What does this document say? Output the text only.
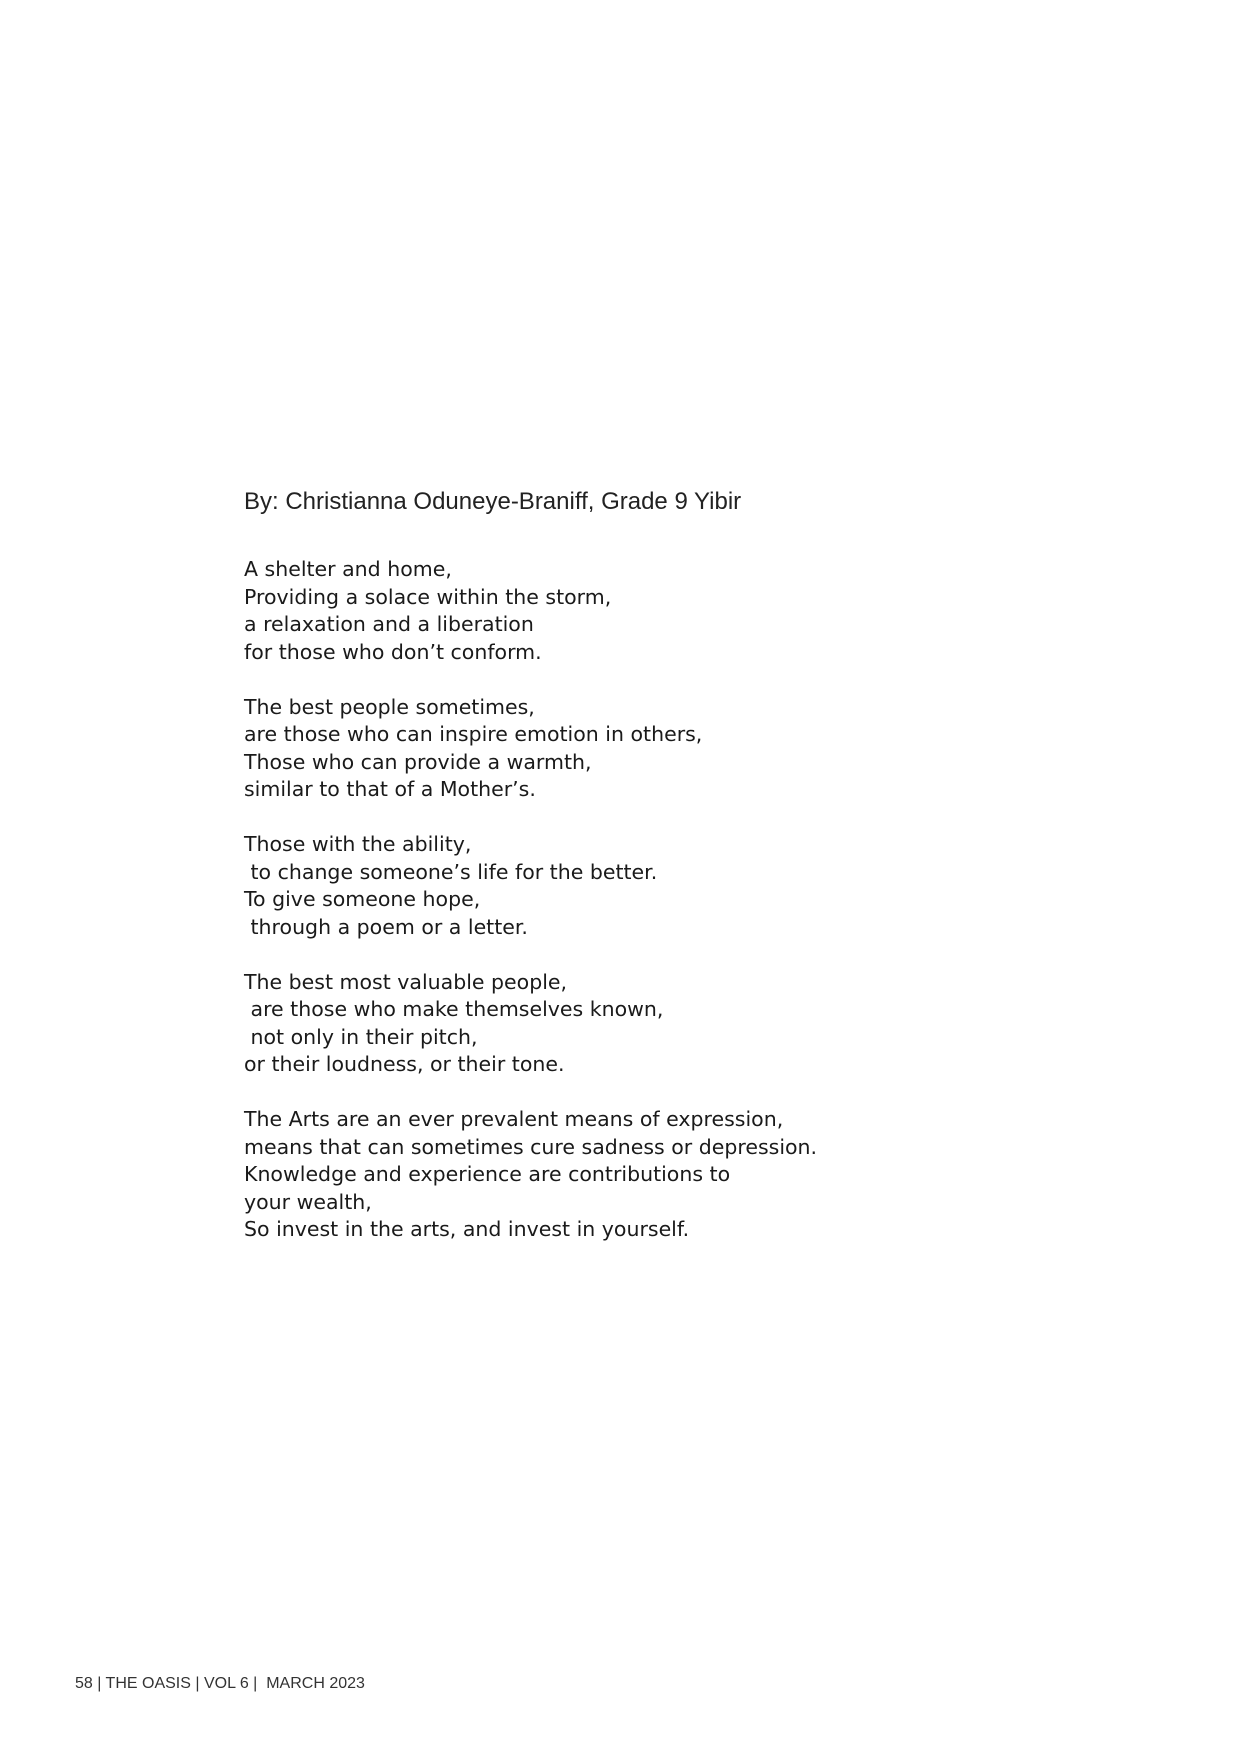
By: Christianna Oduneye-Braniff, Grade 9 Yibir
A shelter and home,
Providing a solace within the storm,
a relaxation and a liberation
for those who don’t conform.
The best people sometimes,
are those who can inspire emotion in others,
Those who can provide a warmth,
similar to that of a Mother’s.
Those with the ability,
to change someone’s life for the better.
To give someone hope,
through a poem or a letter.
The best most valuable people,
are those who make themselves known,
not only in their pitch,
or their loudness, or their tone.
The Arts are an ever prevalent means of expression,
means that can sometimes cure sadness or depression.
Knowledge and experience are contributions to
your wealth,
So invest in the arts, and invest in yourself.
58 | THE OASIS | VOL 6 |  MARCH 2023
